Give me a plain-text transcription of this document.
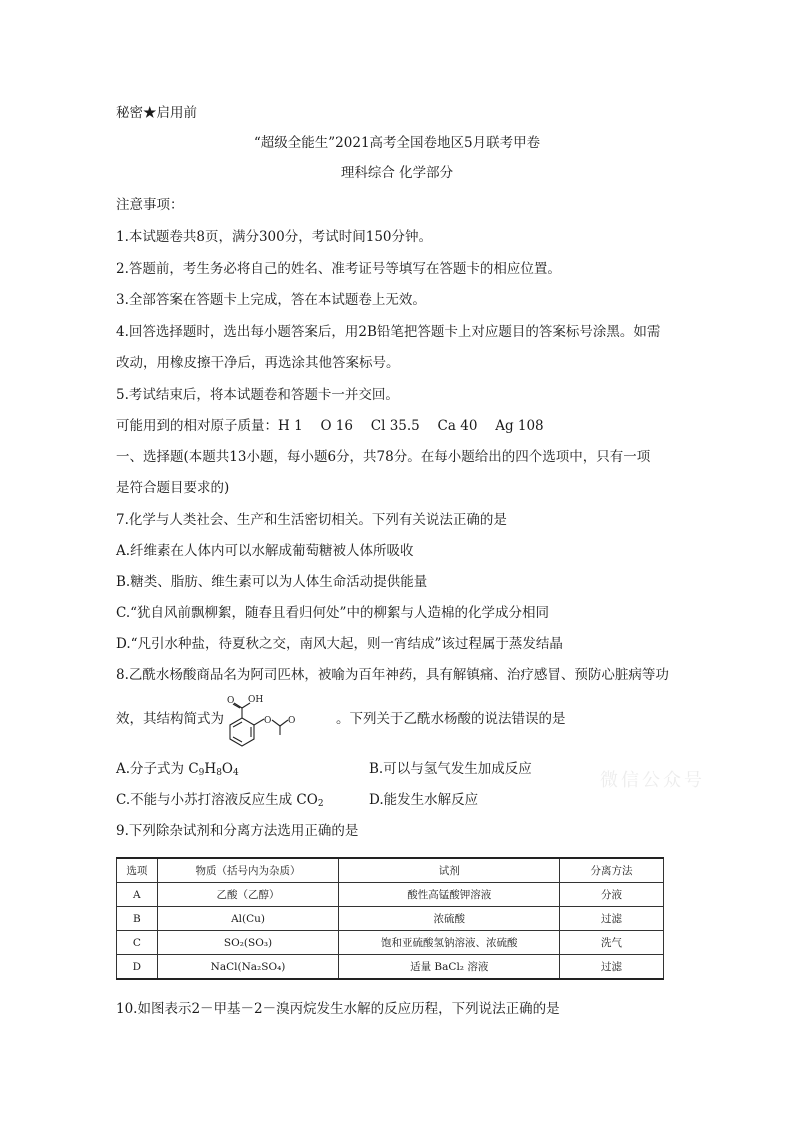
秘密★启用前
“超级全能生”2021高考全国卷地区5月联考甲卷
理科综合 化学部分
注意事项：
1.本试题卷共8页，满分300分，考试时间150分钟。
2.答题前，考生务必将自己的姓名、准考证号等填写在答题卡的相应位置。
3.全部答案在答题卡上完成，答在本试题卷上无效。
4.回答选择题时，选出每小题答案后，用2B铅笔把答题卡上对应题目的答案标号涂黑。如需
改动，用橡皮擦干净后，再选涂其他答案标号。
5.考试结束后，将本试题卷和答题卡一并交回。
可能用到的相对原子质量：H 1　 O 16　 Cl 35.5　 Ca 40　 Ag 108
一、选择题(本题共13小题，每小题6分，共78分。在每小题给出的四个选项中，只有一项
是符合题目要求的)
7.化学与人类社会、生产和生活密切相关。下列有关说法正确的是
A.纤维素在人体内可以水解成葡萄糖被人体所吸收
B.糖类、脂肪、维生素可以为人体生命活动提供能量
C.“犹自风前飘柳絮，随春且看归何处”中的柳絮与人造棉的化学成分相同
D.“凡引水种盐，待夏秋之交，南风大起，则一宵结成”该过程属于蒸发结晶
8.乙酰水杨酸商品名为阿司匹林，被喻为百年神药，具有解镇痛、治疗感冒、预防心脏病等功
效，其结构简式为	。下列关于乙酰水杨酸的说法错误的是
O OH
O O
A.分子式为 $C_9H_8O_4$	B.可以与氢气发生加成反应
C.不能与小苏打溶液反应生成 $CO_2$	D.能发生水解反应
微信公众号
9.下列除杂试剂和分离方法选用正确的是
选项	物质（括号内为杂质）	试剂	分离方法
A	乙酸（乙醇）	酸性高锰酸钾溶液	分液
B	Al(Cu)	浓硫酸	过滤
C	SO₂(SO₃)	饱和亚硫酸氢钠溶液、浓硫酸	洗气
D	NaCl(Na₂SO₄)	适量 BaCl₂ 溶液	过滤
10.如图表示2－甲基－2－溴丙烷发生水解的反应历程，下列说法正确的是
